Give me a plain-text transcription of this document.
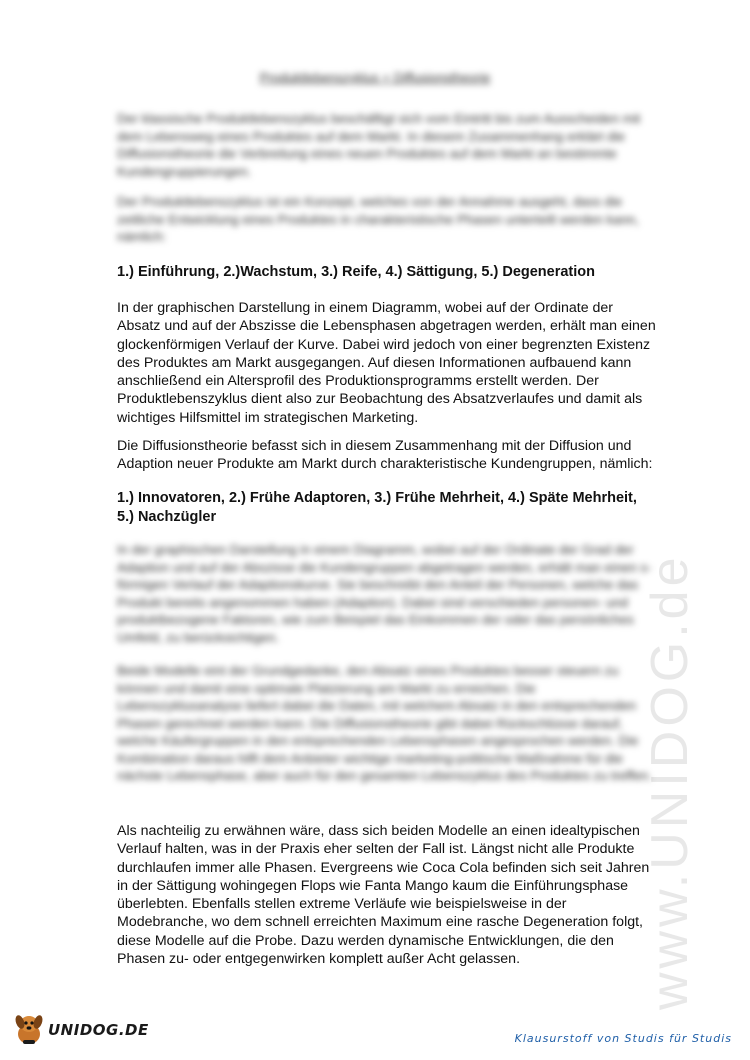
www.UNIDOG.de
Produktlebenszyklus + Diffusionstheorie

Der klassische Produktlebenszyklus beschäftigt sich vom Eintritt bis zum Ausscheiden mit dem Lebensweg eines Produktes auf dem Markt. In diesem Zusammenhang erklärt die Diffusionstheorie die Verbreitung eines neuen Produktes auf dem Markt an bestimmte Kundengruppierungen.

Der Produktlebenszyklus ist ein Konzept, welches von der Annahme ausgeht, dass die zeitliche Entwicklung eines Produktes in charakteristische Phasen unterteilt werden kann, nämlich:

1.) Einführung, 2.)Wachstum, 3.) Reife, 4.) Sättigung, 5.) Degeneration

In der graphischen Darstellung in einem Diagramm, wobei auf der Ordinate der Absatz und auf der Abszisse die Lebensphasen abgetragen werden, erhält man einen glockenförmigen Verlauf der Kurve. Dabei wird jedoch von einer begrenzten Existenz des Produktes am Markt ausgegangen. Auf diesen Informationen aufbauend kann anschließend ein Altersprofil des Produktionsprogramms erstellt werden. Der Produktlebenszyklus dient also zur Beobachtung des Absatzverlaufes und damit als wichtiges Hilfsmittel im strategischen Marketing.

Die Diffusionstheorie befasst sich in diesem Zusammenhang mit der Diffusion und Adaption neuer Produkte am Markt durch charakteristische Kundengruppen, nämlich:

1.) Innovatoren, 2.) Frühe Adaptoren, 3.) Frühe Mehrheit, 4.) Späte Mehrheit, 5.) Nachzügler

In der graphischen Darstellung in einem Diagramm, wobei auf der Ordinate der Grad der Adaption und auf der Abszisse die Kundengruppen abgetragen werden, erhält man einen s-förmigen Verlauf der Adaptionskurve. Sie beschreibt den Anteil der Personen, welche das Produkt bereits angenommen haben (Adaption). Dabei sind verschieden personen- und produktbezogene Faktoren, wie zum Beispiel das Einkommen der oder das persönliches Umfeld, zu berücksichtigen.

Beide Modelle eint der Grundgedanke, den Absatz eines Produktes besser steuern zu können und damit eine optimale Platzierung am Markt zu erreichen. Die Lebenszyklusanalyse liefert dabei die Daten, mit welchem Absatz in den entsprechenden Phasen gerechnet werden kann. Die Diffusionstheorie gibt dabei Rückschlüsse darauf, welche Käufergruppen in den entsprechenden Lebensphasen angesprochen werden. Die Kombination daraus hilft dem Anbieter wichtige marketing-politische Maßnahme für die nächste Lebensphase, aber auch für den gesamten Lebenszyklus des Produktes zu treffen.

Als nachteilig zu erwähnen wäre, dass sich beiden Modelle an einen idealtypischen Verlauf halten, was in der Praxis eher selten der Fall ist. Längst nicht alle Produkte durchlaufen immer alle Phasen. Evergreens wie Coca Cola befinden sich seit Jahren in der Sättigung wohingegen Flops wie Fanta Mango kaum die Einführungsphase überlebten. Ebenfalls stellen extreme Verläufe wie beispielsweise in der Modebranche, wo dem schnell erreichten Maximum eine rasche Degeneration folgt, diese Modelle auf die Probe. Dazu werden dynamische Entwicklungen, die den Phasen zu- oder entgegenwirken komplett außer Acht gelassen.

UNIDOG.DE	Klausurstoff von Studis für Studis
